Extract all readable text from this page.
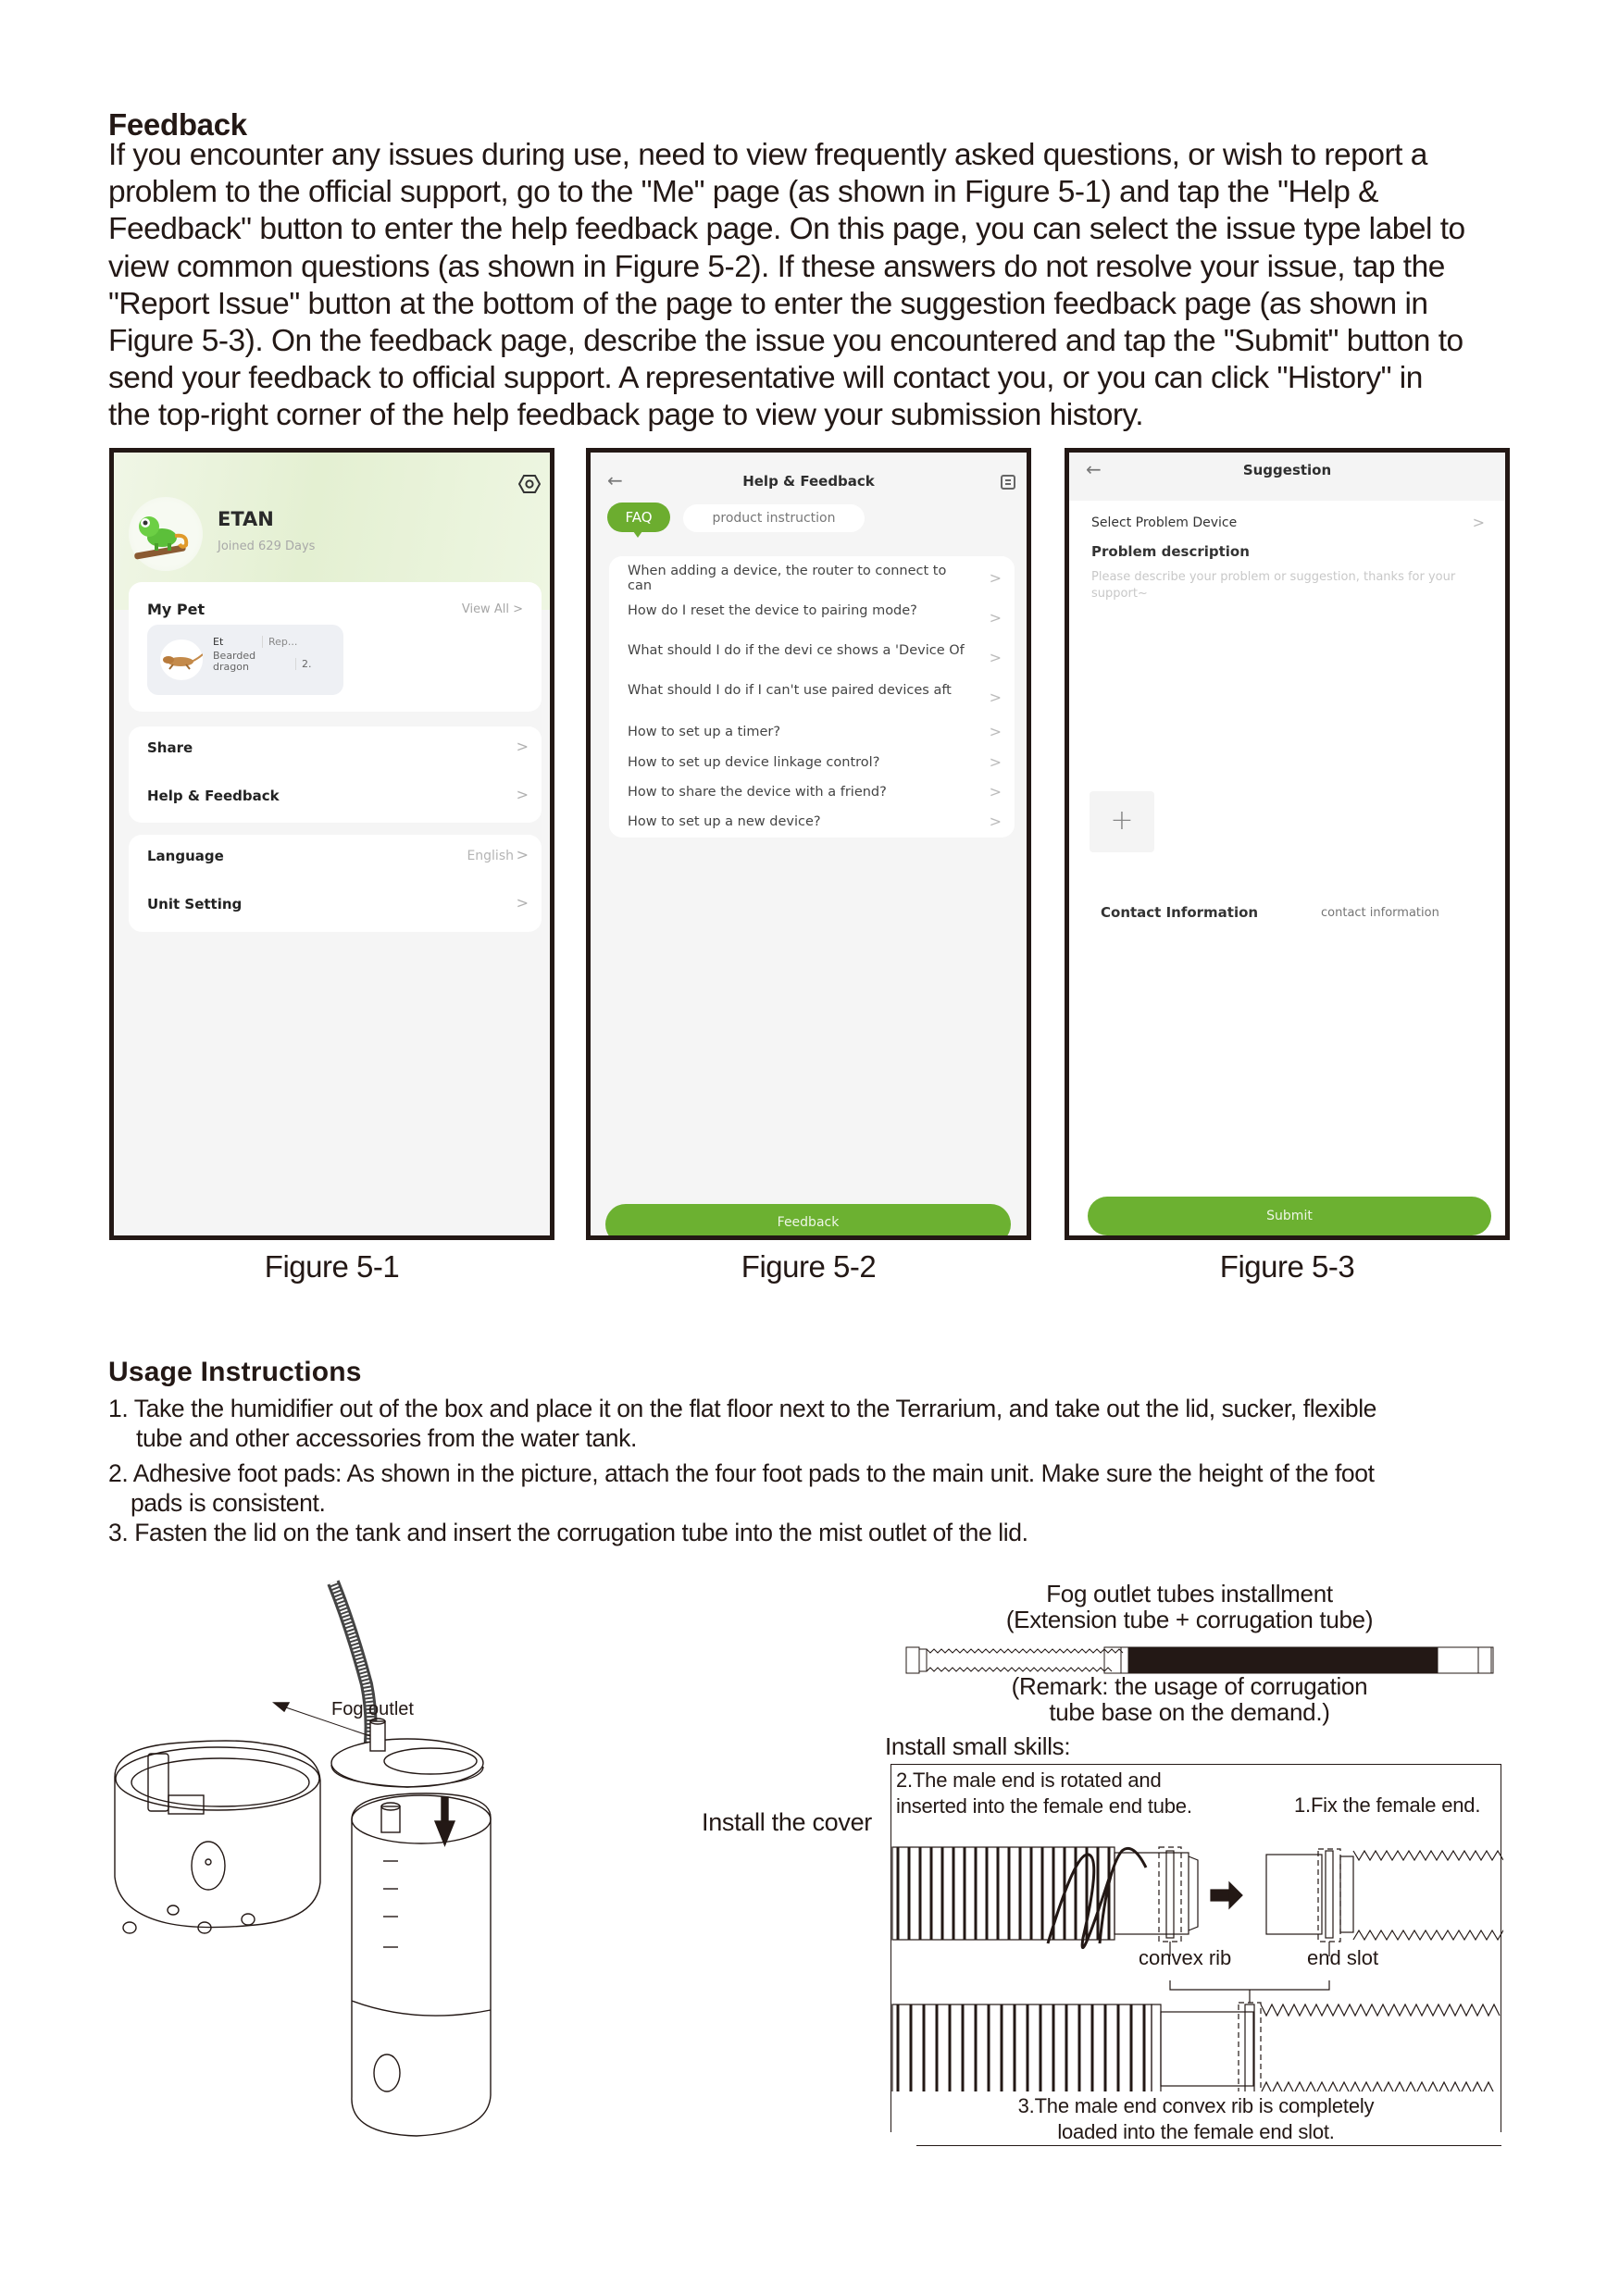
Feedback
If you encounter any issues during use, need to view frequently asked questions, or wish to report a
problem to the official support, go to the "Me" page (as shown in Figure 5-1) and tap the "Help &
Feedback" button to enter the help feedback page. On this page, you can select the issue type label to
view common questions (as shown in Figure 5-2). If these answers do not resolve your issue, tap the
"Report Issue" button at the bottom of the page to enter the suggestion feedback page (as shown in
Figure 5-3). On the feedback page, describe the issue you encountered and tap the "Submit" button to
send your feedback to official support. A representative will contact you, or you can click "History" in
the top-right corner of the help feedback page to view your submission history.
ETAN
Joined 629 Days
My Pet	View All >
Et	Rep...
Bearded dragon	2.
Share	>
Help & Feedback	>
Language	English >
Unit Setting	>
Figure 5-1
←	Help & Feedback
FAQ	product instruction
When adding a device, the router to connect to can	>
How do I reset the device to pairing mode?	>
What should I do if the devi ce shows a 'Device Of	>
What should I do if I can't use paired devices aft	>
How to set up a timer?	>
How to set up device linkage control?	>
How to share the device with a friend?	>
How to set up a new device?	>
Feedback
Figure 5-2
←	Suggestion
Select Problem Device	>
Problem description
Please describe your problem or suggestion, thanks for your support~
+
Contact Information
contact information
Submit
Figure 5-3
Usage Instructions
1. Take the humidifier out of the box and place it on the flat floor next to the Terrarium, and take out the lid, sucker, flexible
tube and other accessories from the water tank.
2. Adhesive foot pads: As shown in the picture, attach the four foot pads to the main unit. Make sure the height of the foot
pads is consistent.
3. Fasten the lid on the tank and insert the corrugation tube into the mist outlet of the lid.
Fog outlet
Install the cover
Fog outlet tubes installment
(Extension tube + corrugation tube)
(Remark: the usage of corrugation
tube base on the demand.)
Install small skills:
2.The male end is rotated and
inserted into the female end tube.	1.Fix the female end.
convex rib	end slot
3.The male end convex rib is completely
loaded into the female end slot.
